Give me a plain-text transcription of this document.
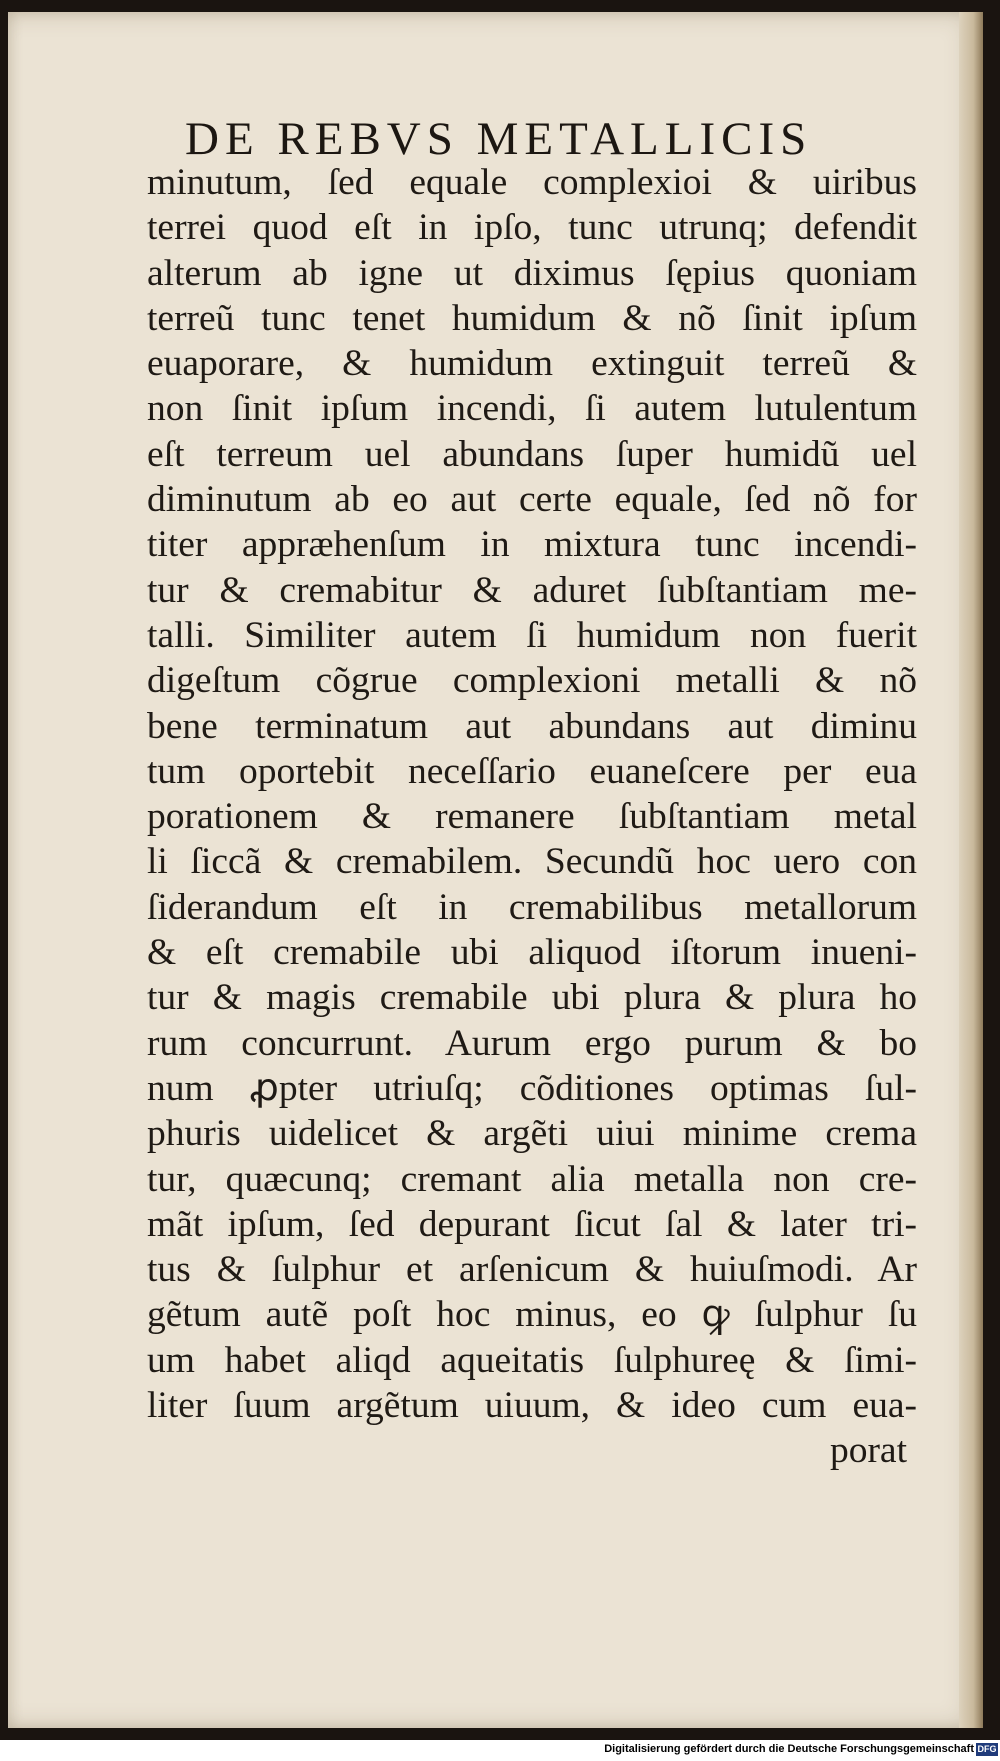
DE REBVS METALLICIS
minutum, ſed equale complexioi & uiribus
terrei quod eſt in ipſo, tunc utrunq; defendit
alterum ab igne ut diximus ſępius quoniam
terreũ tunc tenet humidum & nõ ſinit ipſum
euaporare, & humidum extinguit terreũ &
non ſinit ipſum incendi, ſi autem lutulentum
eſt terreum uel abundans ſuper humidũ uel
diminutum ab eo aut certe equale, ſed nõ for
titer appræhenſum in mixtura tunc incendi-
tur & cremabitur & aduret ſubſtantiam me-
talli. Similiter autem ſi humidum non fuerit
digeſtum cõgrue complexioni metalli & nõ
bene terminatum aut abundans aut diminu
tum oportebit neceſſario euaneſcere per eua
porationem & remanere ſubſtantiam metal
li ſiccã & cremabilem. Secundũ hoc uero con
ſiderandum eſt in cremabilibus metallorum
& eſt cremabile ubi aliquod iſtorum inueni-
tur & magis cremabile ubi plura & plura ho
rum concurrunt. Aurum ergo purum & bo
num ꝓpter utriuſq; cõditiones optimas ſul-
phuris uidelicet & argẽti uiui minime crema
tur, quæcunq; cremant alia metalla non cre-
mãt ipſum, ſed depurant ſicut ſal & later tri-
tus & ſulphur et arſenicum & huiuſmodi. Ar
gẽtum autẽ poſt hoc minus, eo ꝙ ſulphur ſu
um habet aliqd aqueitatis ſulphureę & ſimi-
liter ſuum argẽtum uiuum, & ideo cum eua-
porat
Digitalisierung gefördert durch die Deutsche Forschungsgemeinschaft DFG
